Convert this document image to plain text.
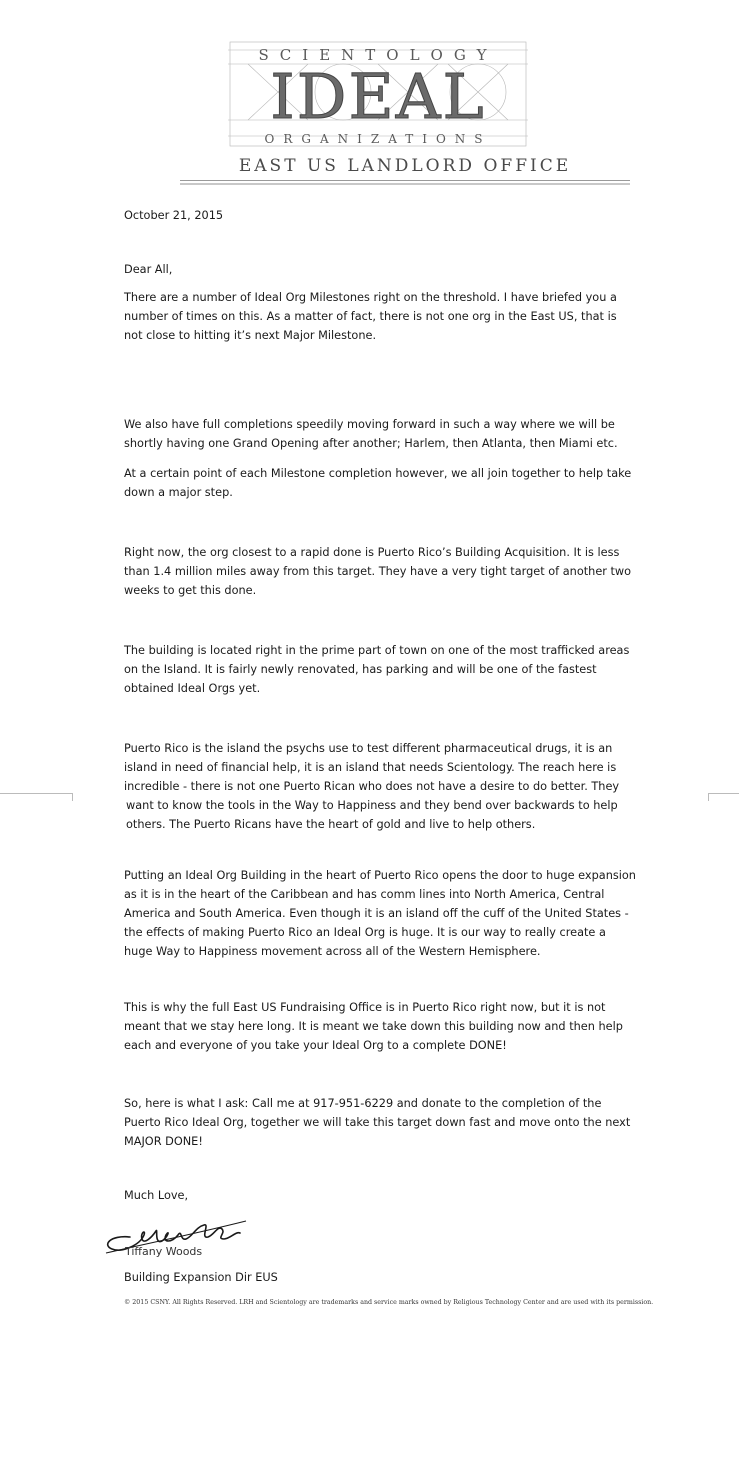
SCIENTOLOGY
IDEAL
ORGANIZATIONS
EAST US LANDLORD OFFICE
October 21, 2015
Dear All,
There are a number of Ideal Org Milestones right on the threshold. I have briefed you a number of times on this. As a matter of fact, there is not one org in the East US, that is not close to hitting it’s next Major Milestone.
We also have full completions speedily moving forward in such a way where we will be shortly having one Grand Opening after another; Harlem, then Atlanta, then Miami etc.
At a certain point of each Milestone completion however, we all join together to help take down a major step.
Right now, the org closest to a rapid done is Puerto Rico’s Building Acquisition. It is less than 1.4 million miles away from this target. They have a very tight target of another two weeks to get this done.
The building is located right in the prime part of town on one of the most trafficked areas on the Island. It is fairly newly renovated, has parking and will be one of the fastest obtained Ideal Orgs yet.
Puerto Rico is the island the psychs use to test different pharmaceutical drugs, it is an
island in need of financial help, it is an island that needs Scientology. The reach here is
incredible - there is not one Puerto Rican who does not have a desire to do better. They
want to know the tools in the Way to Happiness and they bend over backwards to help
others. The Puerto Ricans have the heart of gold and live to help others.
Putting an Ideal Org Building in the heart of Puerto Rico opens the door to huge expansion as it is in the heart of the Caribbean and has comm lines into North America, Central America and South America. Even though it is an island off the cuff of the United States - the effects of making Puerto Rico an Ideal Org is huge. It is our way to really create a huge Way to Happiness movement across all of the Western Hemisphere.
This is why the full East US Fundraising Office is in Puerto Rico right now, but it is not meant that we stay here long. It is meant we take down this building now and then help each and everyone of you take your Ideal Org to a complete DONE!
So, here is what I ask: Call me at 917-951-6229 and donate to the completion of the Puerto Rico Ideal Org, together we will take this target down fast and move onto the next MAJOR DONE!
Much Love,
Tiffany Woods
Building Expansion Dir EUS
© 2015 CSNY. All Rights Reserved. LRH and Scientology are trademarks and service marks owned by Religious Technology Center and are used with its permission.
